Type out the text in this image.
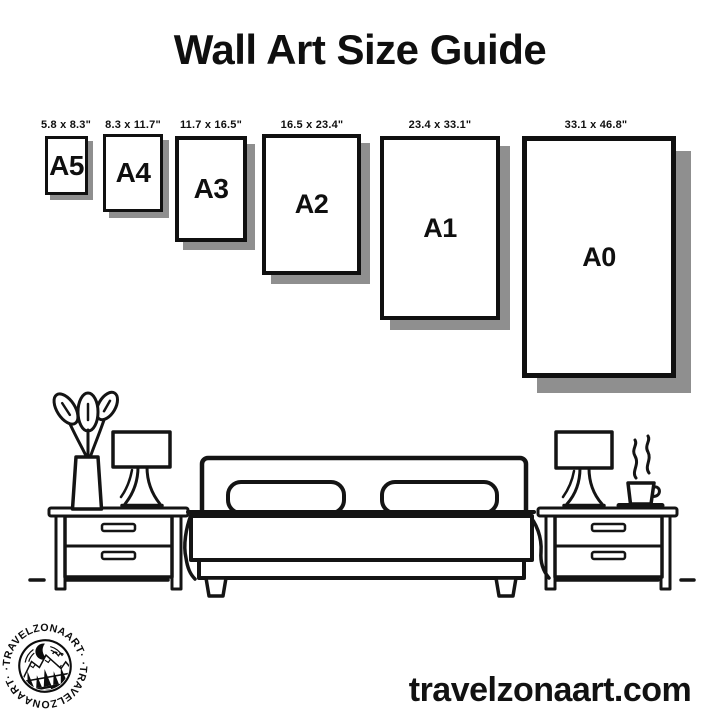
Wall Art Size Guide
5.8 x 8.3"	8.3 x 11.7"	11.7 x 16.5"	16.5 x 23.4"	23.4 x 33.1"	33.1 x 46.8"
A5 A4
A3 A2
A1
A0
·TRAVELZONAART·
·TRAVELZONAART·	travelzonaart.com
